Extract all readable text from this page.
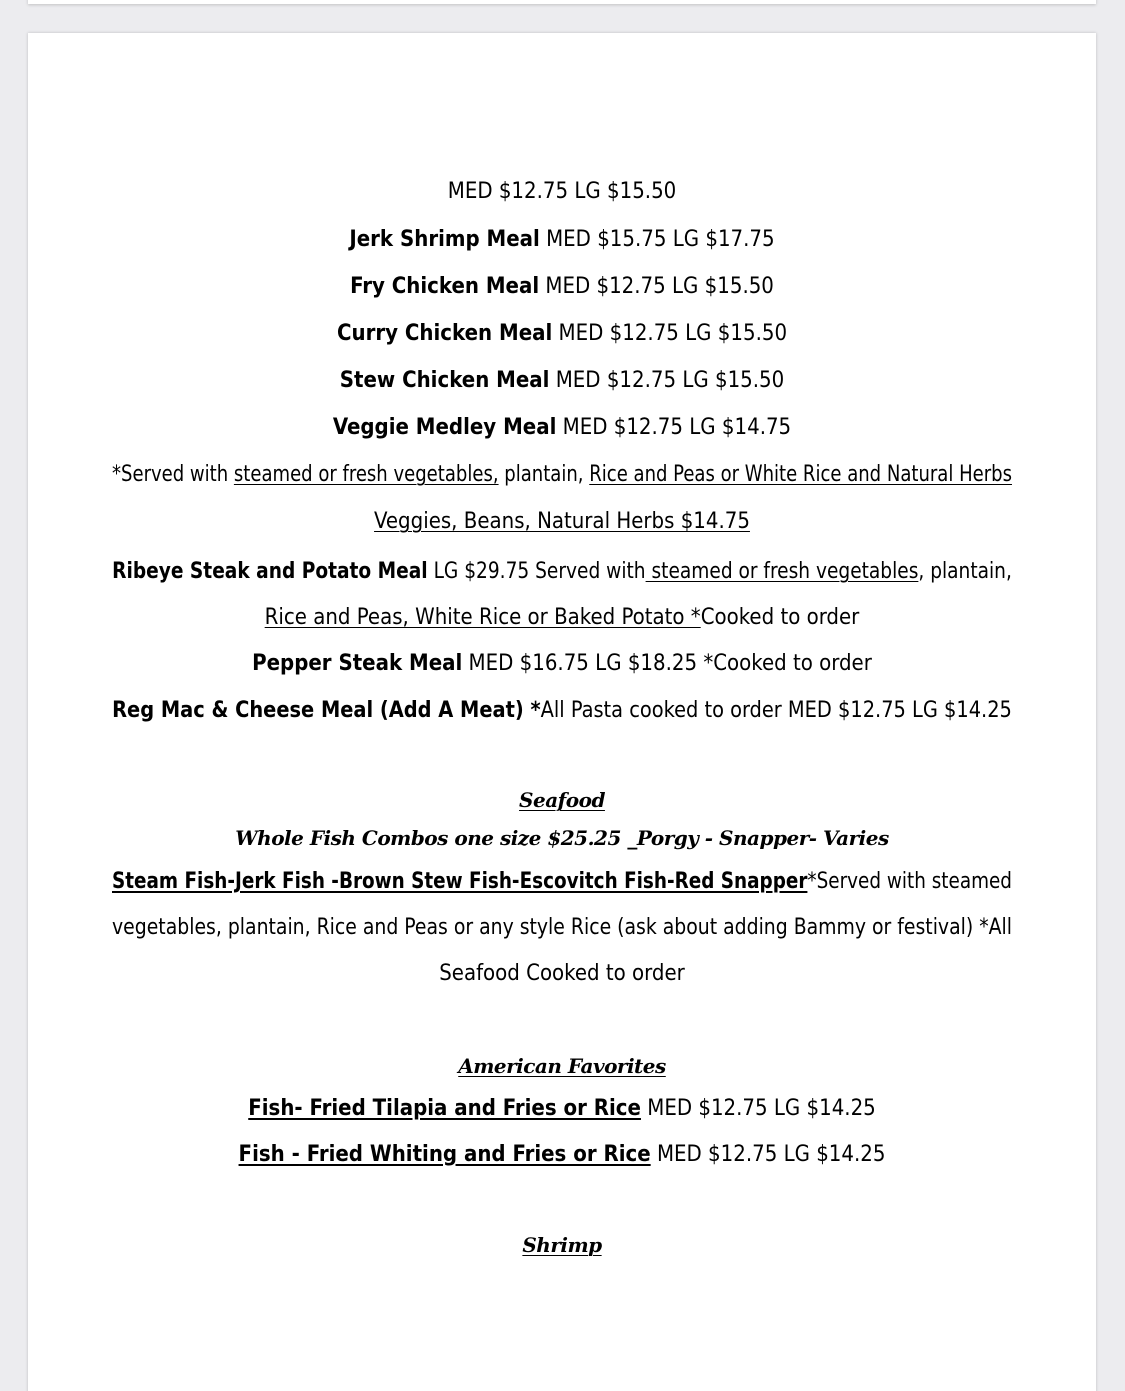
MED $12.75 LG $15.50
Jerk Shrimp Meal MED $15.75 LG $17.75
Fry Chicken Meal MED $12.75 LG $15.50
Curry Chicken Meal MED $12.75 LG $15.50
Stew Chicken Meal MED $12.75 LG $15.50
Veggie Medley Meal MED $12.75 LG $14.75
*Served with steamed or fresh vegetables, plantain, Rice and Peas or White Rice and Natural Herbs
Veggies, Beans, Natural Herbs $14.75
Ribeye Steak and Potato Meal LG $29.75 Served with steamed or fresh vegetables, plantain,
Rice and Peas, White Rice or Baked Potato *Cooked to order
Pepper Steak Meal MED $16.75 LG $18.25 *Cooked to order
Reg Mac & Cheese Meal (Add A Meat) *All Pasta cooked to order MED $12.75 LG $14.25
Seafood
Whole Fish Combos one size $25.25 _Porgy - Snapper- Varies
Steam Fish-Jerk Fish -Brown Stew Fish-Escovitch Fish-Red Snapper*Served with steamed
vegetables, plantain, Rice and Peas or any style Rice (ask about adding Bammy or festival) *All
Seafood Cooked to order
American Favorites
Fish- Fried Tilapia and Fries or Rice MED $12.75 LG $14.25
Fish - Fried Whiting and Fries or Rice MED $12.75 LG $14.25
Shrimp
